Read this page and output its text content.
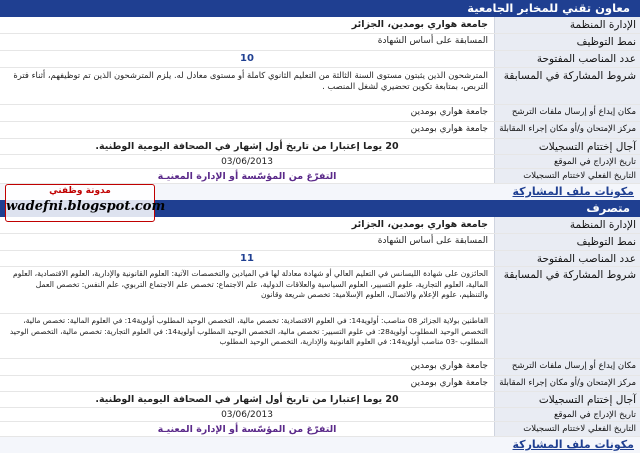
معاون تقني للمخابر الجامعية
الإدارة المنظمة
جامعة هواري بومدين، الجزائر
نمط التوظيف
المسابقة على أساس الشهادة
عدد المناصب المفتوحة
10
شروط المشاركة في المسابقة
المترشحون الذين يثبتون مستوى السنة الثالثة من التعليم الثانوي كاملة أو مستوى معادل له. يلزم المترشحون الذين تم توظيفهم، أثناء فترة التربص، بمتابعة تكوين تحضيري لشغل المنصب .
مكان إيداع أو إرسال ملفات الترشح
جامعة هواري بومدين
مركز الإمتحان و/أو مكان إجراء المقابلة
جامعة هواري بومدين
آجال إختتام التسجيلات
20 يوما إعتبارا من تاريخ أول إشهار في الصحافة اليومية الوطنية.
تاريخ الإدراج في الموقع
03/06/2013
التاريخ الفعلي لاختتام التسجيلات
التفرّغ من المؤسّسة أو الإدارة المعنيـة
مكونات ملف المشاركة
متصرف
الإدارة المنظمة
جامعة هواري بومدين، الجزائر
نمط التوظيف
المسابقة على أساس الشهادة
عدد المناصب المفتوحة
11
شروط المشاركة في المسابقة
الحائزون على شهادة الليسانس في التعليم العالي أو شهادة معادلة لها في الميادين والتخصصات الآتية: العلوم القانونية والإدارية، العلوم الاقتصادية، العلوم المالية، العلوم التجارية، علوم التسيير، العلوم السياسية والعلاقات الدولية، علم الاجتماع: تخصص علم الاجتماع التربوي، علم النفس: تخصص العمل والتنظيم، علوم الإعلام والاتصال، العلوم الإسلامية: تخصص شريعة وقانون
القاطنين بولاية الجزائر 08 مناصب: أولوية14: في العلوم الاقتصادية: تخصص مالية، التخصص الوحيد المطلوب أولوية14: في العلوم المالية: تخصص مالية، التخصص الوحيد المطلوب أولوية28: في علوم التسيير: تخصص مالية، التخصص الوحيد المطلوب أولوية14: في العلوم التجارية: تخصص مالية، التخصص الوحيد المطلوب -03 مناصب أولوية14: في العلوم القانونية والإدارية، التخصص الوحيد المطلوب
مكان إيداع أو إرسال ملفات الترشح
جامعة هواري بومدين
مركز الإمتحان و/أو مكان إجراء المقابلة
جامعة هواري بومدين
آجال إختتام التسجيلات
20 يوما إعتبارا من تاريخ أول إشهار في الصحافة اليومية الوطنية.
تاريخ الإدراج في الموقع
03/06/2013
التاريخ الفعلي لاختتام التسجيلات
التفرّغ من المؤسّسة أو الإدارة المعنيـة
مكونات ملف المشاركة
مدونة وظفني
wadefni.blogspot.com
